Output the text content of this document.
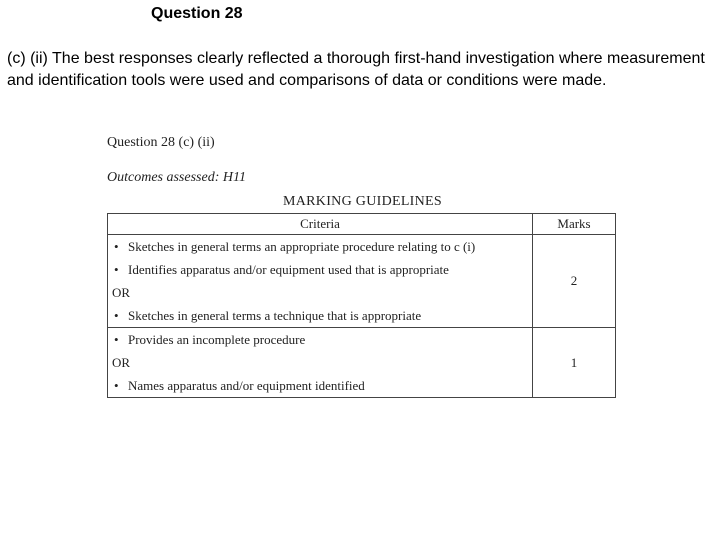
Question 28
(c) (ii) The best responses clearly reflected a thorough first-hand investigation where measurement and identification tools were used and comparisons of data or conditions were made.
Question 28 (c) (ii)
Outcomes assessed: H11
MARKING GUIDELINES
Criteria	Marks

• Sketches in general terms an appropriate procedure relating to c (i)
• Identifies apparatus and/or equipment used that is appropriate
OR
• Sketches in general terms a technique that is appropriate	2

• Provides an incomplete procedure
OR
• Names apparatus and/or equipment identified	1
